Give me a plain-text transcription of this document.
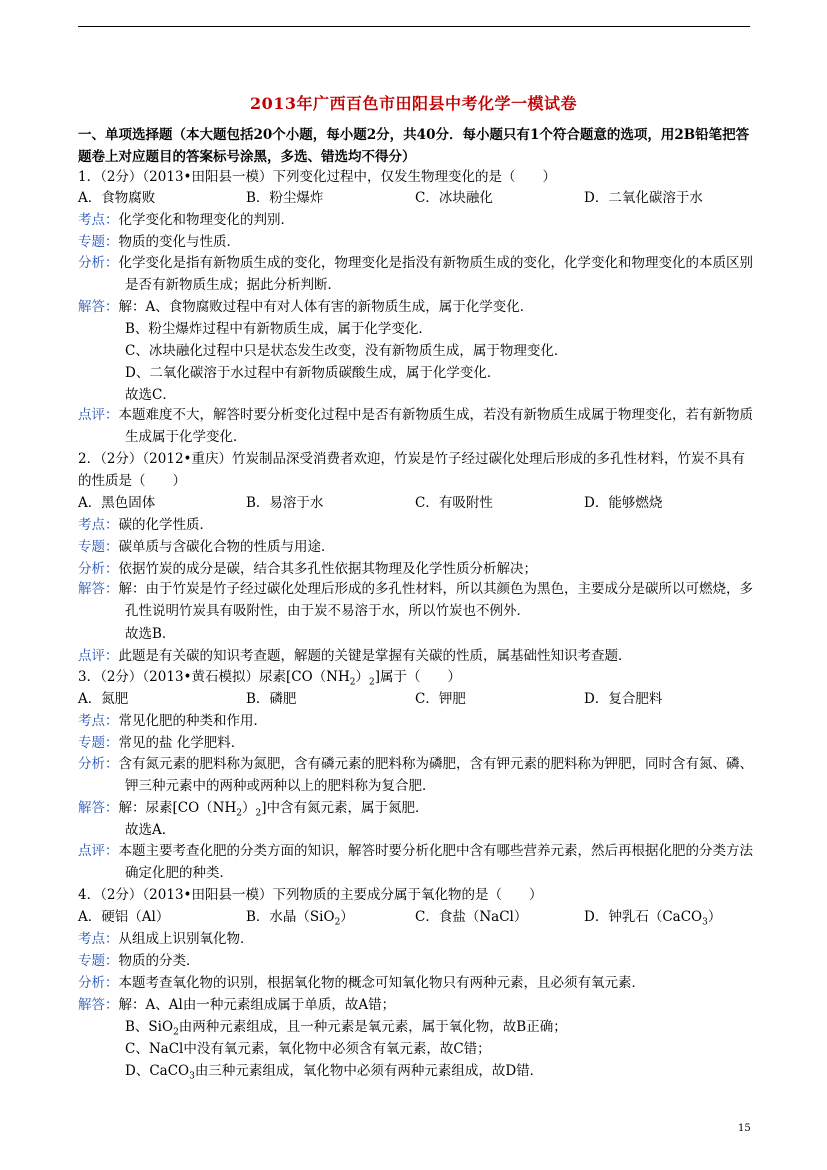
2013年广西百色市田阳县中考化学一模试卷
一、单项选择题（本大题包括20个小题，每小题2分，共40分．每小题只有1个符合题意的选项，用2B铅笔把答题卷上对应题目的答案标号涂黑，多选、错选均不得分）
1．（2分）（2013•田阳县一模）下列变化过程中，仅发生物理变化的是（　　）
A．食物腐败	B．粉尘爆炸	C．冰块融化	D．二氧化碳溶于水
考点：化学变化和物理变化的判别．
专题：物质的变化与性质．
分析：化学变化是指有新物质生成的变化，物理变化是指没有新物质生成的变化，化学变化和物理变化的本质区别是否有新物质生成；据此分析判断．
解答：解：A、食物腐败过程中有对人体有害的新物质生成，属于化学变化．
B、粉尘爆炸过程中有新物质生成，属于化学变化．
C、冰块融化过程中只是状态发生改变，没有新物质生成，属于物理变化．
D、二氧化碳溶于水过程中有新物质碳酸生成，属于化学变化．
故选C．
点评：本题难度不大，解答时要分析变化过程中是否有新物质生成，若没有新物质生成属于物理变化，若有新物质生成属于化学变化．
2．（2分）（2012•重庆）竹炭制品深受消费者欢迎，竹炭是竹子经过碳化处理后形成的多孔性材料，竹炭不具有的性质是（　　）
A．黑色固体	B．易溶于水	C．有吸附性	D．能够燃烧
考点：碳的化学性质．
专题：碳单质与含碳化合物的性质与用途．
分析：依据竹炭的成分是碳，结合其多孔性依据其物理及化学性质分析解决；
解答：解：由于竹炭是竹子经过碳化处理后形成的多孔性材料，所以其颜色为黑色，主要成分是碳所以可燃烧，多孔性说明竹炭具有吸附性，由于炭不易溶于水，所以竹炭也不例外．
故选B．
点评：此题是有关碳的知识考查题，解题的关键是掌握有关碳的性质，属基础性知识考查题．
3．（2分）（2013•黄石模拟）尿素$[CO(NH_2)_2]$属于（　　）
A．氮肥	B．磷肥	C．钾肥	D．复合肥料
考点：常见化肥的种类和作用．
专题：常见的盐 化学肥料．
分析：含有氮元素的肥料称为氮肥，含有磷元素的肥料称为磷肥，含有钾元素的肥料称为钾肥，同时含有氮、磷、钾三种元素中的两种或两种以上的肥料称为复合肥．
解答：解：尿素$[CO(NH_2)_2]$中含有氮元素，属于氮肥．
故选A．
点评：本题主要考查化肥的分类方面的知识，解答时要分析化肥中含有哪些营养元素，然后再根据化肥的分类方法确定化肥的种类．
4．（2分）（2013•田阳县一模）下列物质的主要成分属于氧化物的是（　　）
A．硬铝（Al）	B．水晶（SiO$_2$）	C．食盐（NaCl）	D．钟乳石（CaCO$_3$）
考点：从组成上识别氧化物．
专题：物质的分类．
分析：本题考查氧化物的识别，根据氧化物的概念可知氧化物只有两种元素，且必须有氧元素．
解答：解：A、Al由一种元素组成属于单质，故A错；
B、SiO$_2$由两种元素组成，且一种元素是氧元素，属于氧化物，故B正确；
C、NaCl中没有氧元素，氧化物中必须含有氧元素，故C错；
D、CaCO$_3$由三种元素组成，氧化物中必须有两种元素组成，故D错．
15
